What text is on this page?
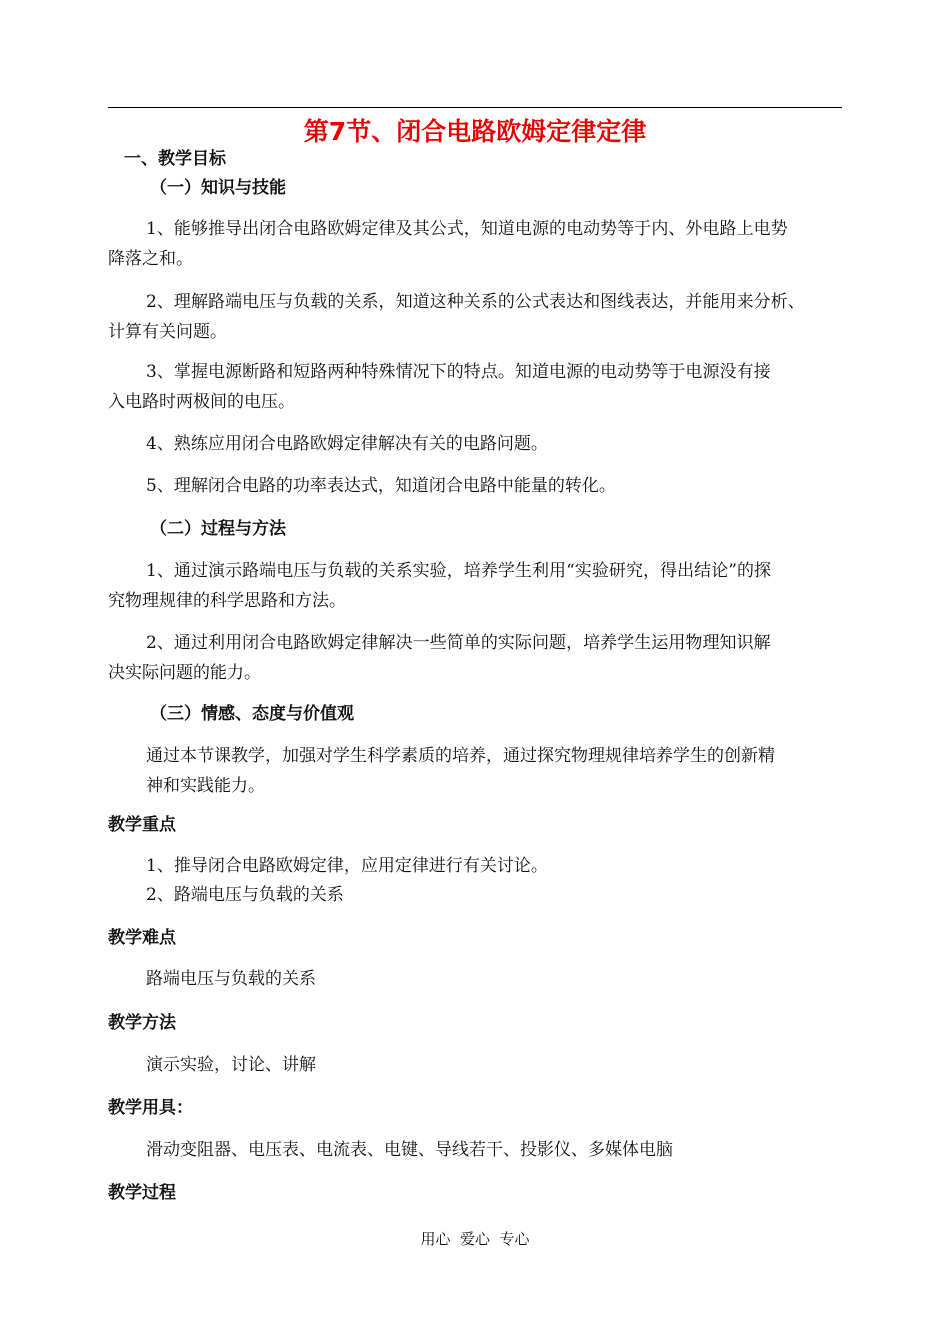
第7节、闭合电路欧姆定律定律
一、教学目标
（一）知识与技能
1、能够推导出闭合电路欧姆定律及其公式，知道电源的电动势等于内、外电路上电势
降落之和。
2、理解路端电压与负载的关系，知道这种关系的公式表达和图线表达，并能用来分析、
计算有关问题。
3、掌握电源断路和短路两种特殊情况下的特点。知道电源的电动势等于电源没有接
入电路时两极间的电压。
4、熟练应用闭合电路欧姆定律解决有关的电路问题。
5、理解闭合电路的功率表达式，知道闭合电路中能量的转化。
（二）过程与方法
1、通过演示路端电压与负载的关系实验，培养学生利用“实验研究，得出结论”的探
究物理规律的科学思路和方法。
2、通过利用闭合电路欧姆定律解决一些简单的实际问题，培养学生运用物理知识解
决实际问题的能力。
（三）情感、态度与价值观
通过本节课教学，加强对学生科学素质的培养，通过探究物理规律培养学生的创新精
神和实践能力。
教学重点
1、推导闭合电路欧姆定律，应用定律进行有关讨论。
2、路端电压与负载的关系
教学难点
路端电压与负载的关系
教学方法
演示实验，讨论、讲解
教学用具：
滑动变阻器、电压表、电流表、电键、导线若干、投影仪、多媒体电脑
教学过程
用心  爱心  专心
